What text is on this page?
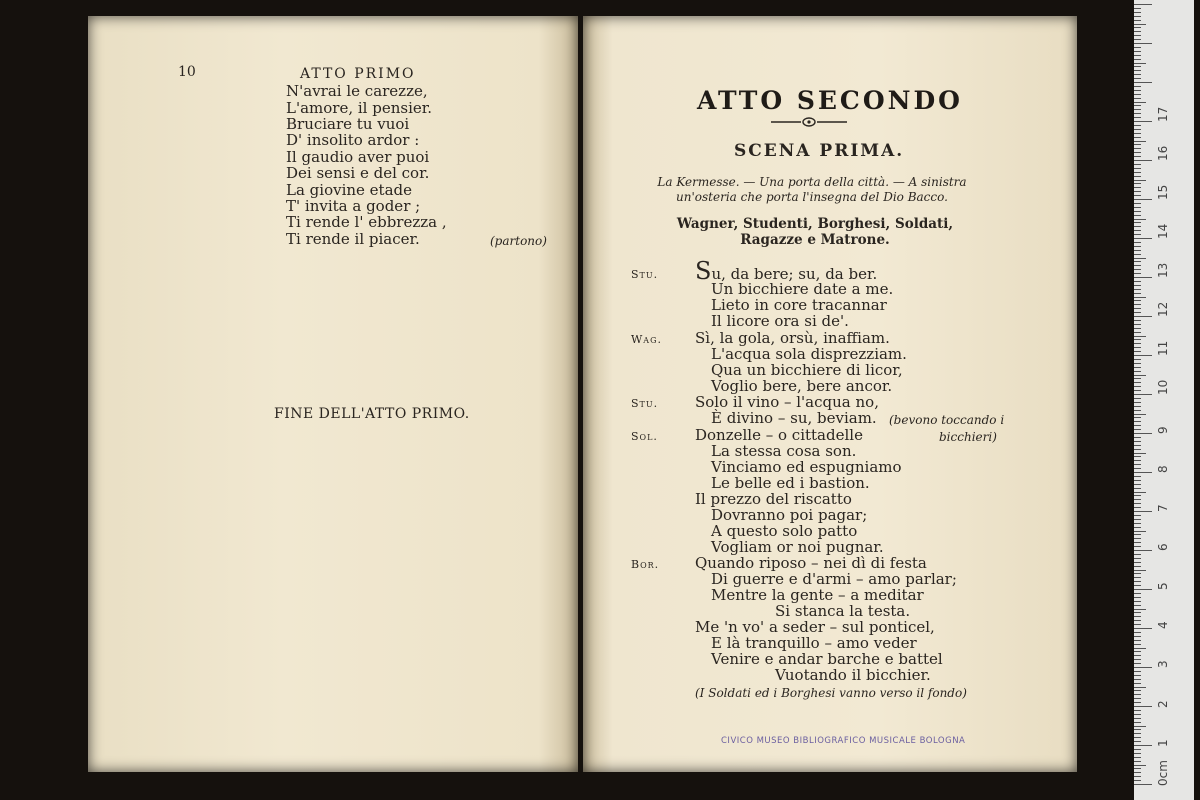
10	ATTO PRIMO
N'avrai le carezze,
L'amore, il pensier.
Bruciare tu vuoi
D' insolito ardor :
Il gaudio aver puoi
Dei sensi e del cor.
La giovine etade
T' invita a goder ;
Ti rende l' ebbrezza ,
Ti rende il piacer.	(partono)
FINE DELL'ATTO PRIMO.
ATTO SECONDO
SCENA PRIMA.
La Kermesse. — Una porta della città. — A sinistra
un'osteria che porta l'insegna del Dio Bacco.
Wagner, Studenti, Borghesi, Soldati,
Ragazze e Matrone.
Stu. Su, da bere; su, da ber.
Un bicchiere date a me.
Lieto in core tracannar
Il licore ora si de'.
Wag. Sì, la gola, orsù, inaffiam.
L'acqua sola disprezziam.
Qua un bicchiere di licor,
Voglio bere, bere ancor.
Stu. Solo il vino – l'acqua no,
È divino – su, beviam. (bevono toccando i
Sol. Donzelle – o cittadelle	bicchieri)
La stessa cosa son.
Vinciamo ed espugniamo
Le belle ed i bastion.
Il prezzo del riscatto
Dovranno poi pagar;
A questo solo patto
Vogliam or noi pugnar.
Bor. Quando riposo – nei dì di festa
Di guerre e d'armi – amo parlar;
Mentre la gente – a meditar
Si stanca la testa.
Me 'n vo' a seder – sul ponticel,
E là tranquillo – amo veder
Venire e andar barche e battel
Vuotando il bicchier.
(I Soldati ed i Borghesi vanno verso il fondo)
CIVICO MUSEO BIBLIOGRAFICO MUSICALE BOLOGNA
0cm
1
2
3
4
5
6
7
8
9
10
11
12
13
14
15
16
17
